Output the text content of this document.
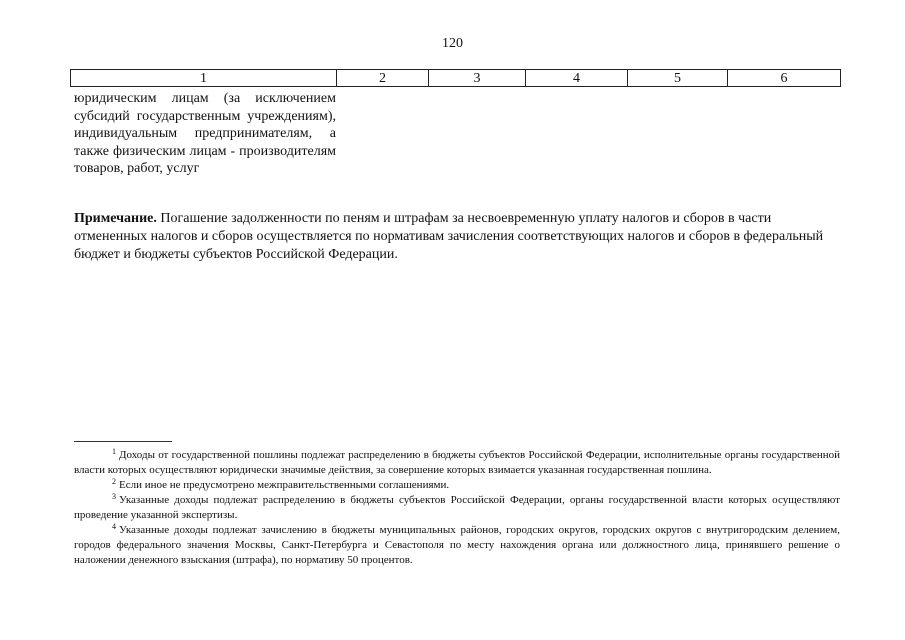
120
1	2	3	4	5	6
юридическим лицам (за исключением субсидий государственным учреждениям), индивидуальным предпринимателям, а также физическим лицам - производителям товаров, работ, услуг
Примечание. Погашение задолженности по пеням и штрафам за несвоевременную уплату налогов и сборов в части отмененных налогов и сборов осуществляется по нормативам зачисления соответствующих налогов и сборов в федеральный бюджет и бюджеты субъектов Российской Федерации.

$^1$ Доходы от государственной пошлины подлежат распределению в бюджеты субъектов Российской Федерации, исполнительные органы государственной власти которых осуществляют юридически значимые действия, за совершение которых взимается указанная государственная пошлина.

$^2$ Если иное не предусмотрено межправительственными соглашениями.

$^3$ Указанные доходы подлежат распределению в бюджеты субъектов Российской Федерации, органы государственной власти которых осуществляют проведение указанной экспертизы.

$^4$ Указанные доходы подлежат зачислению в бюджеты муниципальных районов, городских округов, городских округов с внутригородским делением, городов федерального значения Москвы, Санкт-Петербурга и Севастополя по месту нахождения органа или должностного лица, принявшего решение о наложении денежного взыскания (штрафа), по нормативу 50 процентов.
